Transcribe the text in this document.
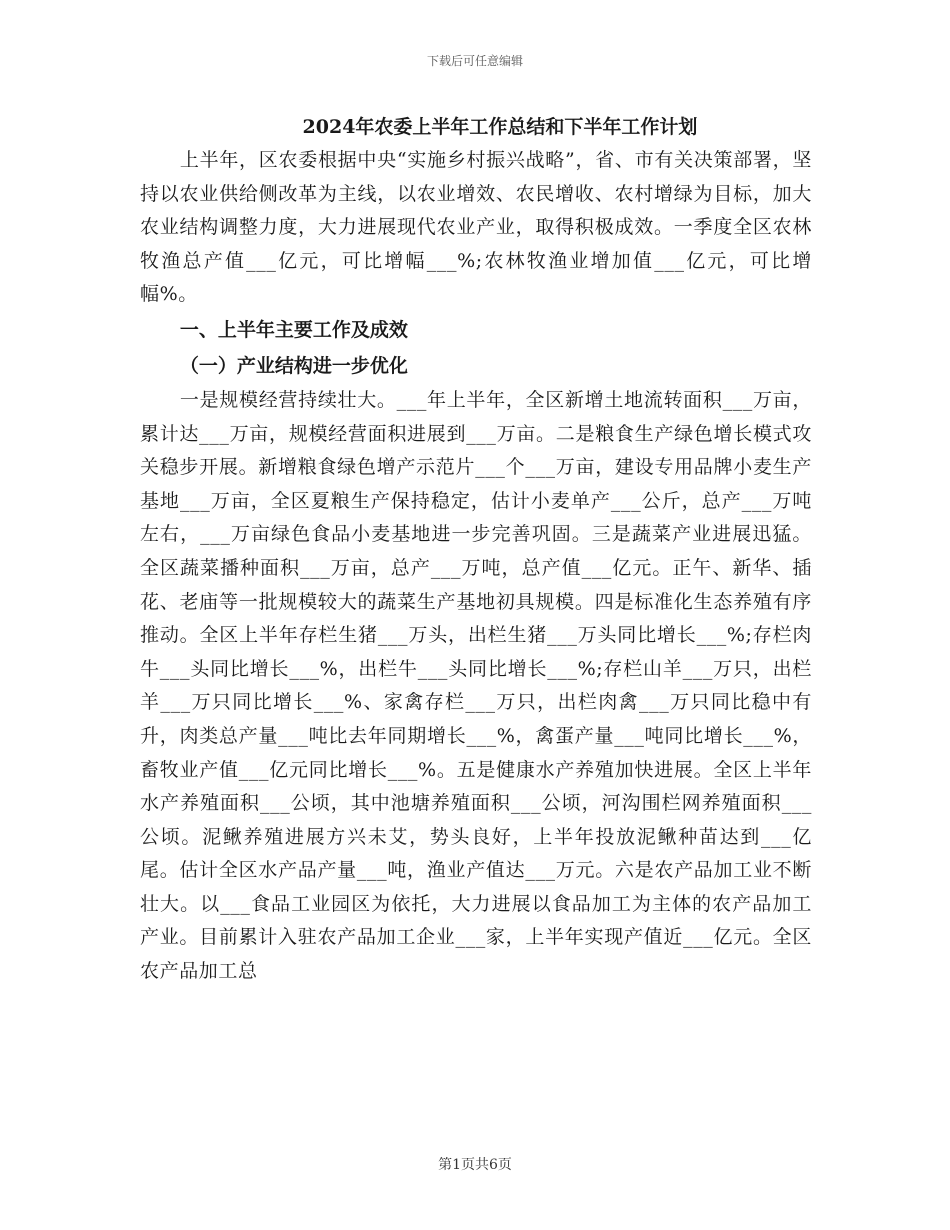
下载后可任意编辑

2024年农委上半年工作总结和下半年工作计划

上半年，区农委根据中央“实施乡村振兴战略”，省、市有关决策部署，坚持以农业供给侧改革为主线，以农业增效、农民增收、农村增绿为目标，加大农业结构调整力度，大力进展现代农业产业，取得积极成效。一季度全区农林牧渔总产值___亿元，可比增幅___%;农林牧渔业增加值___亿元，可比增幅%。

一、上半年主要工作及成效

（一）产业结构进一步优化

一是规模经营持续壮大。___年上半年，全区新增土地流转面积___万亩，累计达___万亩，规模经营面积进展到___万亩。二是粮食生产绿色增长模式攻关稳步开展。新增粮食绿色增产示范片___个___万亩，建设专用品牌小麦生产基地___万亩，全区夏粮生产保持稳定，估计小麦单产___公斤，总产___万吨左右，___万亩绿色食品小麦基地进一步完善巩固。三是蔬菜产业进展迅猛。全区蔬菜播种面积___万亩，总产___万吨，总产值___亿元。正午、新华、插花、老庙等一批规模较大的蔬菜生产基地初具规模。四是标准化生态养殖有序推动。全区上半年存栏生猪___万头，出栏生猪___万头同比增长___%;存栏肉牛___头同比增长___%，出栏牛___头同比增长___%;存栏山羊___万只，出栏羊___万只同比增长___%、家禽存栏___万只，出栏肉禽___万只同比稳中有升，肉类总产量___吨比去年同期增长___%，禽蛋产量___吨同比增长___%，畜牧业产值___亿元同比增长___%。五是健康水产养殖加快进展。全区上半年水产养殖面积___公顷，其中池塘养殖面积___公顷，河沟围栏网养殖面积___公顷。泥鳅养殖进展方兴未艾，势头良好，上半年投放泥鳅种苗达到___亿尾。估计全区水产品产量___吨，渔业产值达___万元。六是农产品加工业不断壮大。以___食品工业园区为依托，大力进展以食品加工为主体的农产品加工产业。目前累计入驻农产品加工企业___家，上半年实现产值近___亿元。全区农产品加工总

第1页共6页
